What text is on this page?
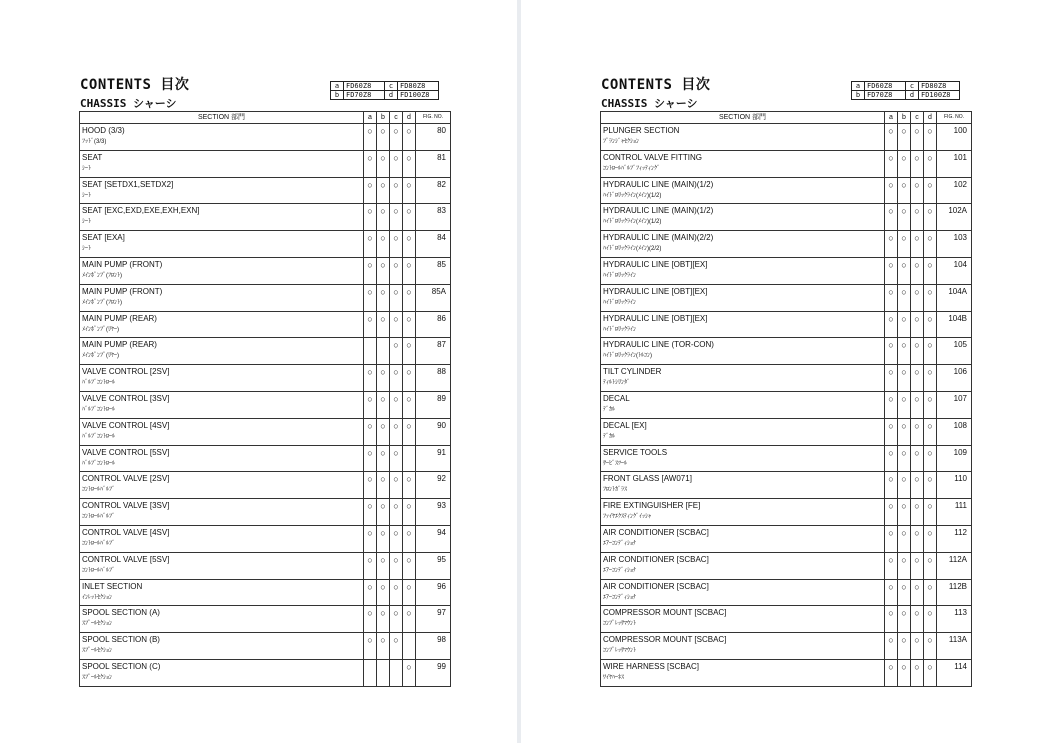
CONTENTS 目次
CHASSIS シャーシ
a	FD60Z8	c	FD80Z8
b	FD70Z8	d	FD100Z8
SECTION 部門	a	b	c	d	FIG. NO.

HOOD (3/3)
ﾌｯﾄﾞ(3/3)	○	○	○	○	80

SEAT
ｼｰﾄ	○	○	○	○	81

SEAT [SETDX1,SETDX2]
ｼｰﾄ	○	○	○	○	82

SEAT [EXC,EXD,EXE,EXH,EXN]
ｼｰﾄ	○	○	○	○	83

SEAT [EXA]
ｼｰﾄ	○	○	○	○	84

MAIN PUMP (FRONT)
ﾒｲﾝﾎﾟﾝﾌﾟ(ﾌﾛﾝﾄ)	○	○	○	○	85

MAIN PUMP (FRONT)
ﾒｲﾝﾎﾟﾝﾌﾟ(ﾌﾛﾝﾄ)	○	○	○	○	85A

MAIN PUMP (REAR)
ﾒｲﾝﾎﾟﾝﾌﾟ(ﾘﾔｰ)	○	○	○	○	86

MAIN PUMP (REAR)
ﾒｲﾝﾎﾟﾝﾌﾟ(ﾘﾔｰ)			○	○	87

VALVE CONTROL [2SV]
ﾊﾞﾙﾌﾞｺﾝﾄﾛｰﾙ	○	○	○	○	88

VALVE CONTROL [3SV]
ﾊﾞﾙﾌﾞｺﾝﾄﾛｰﾙ	○	○	○	○	89

VALVE CONTROL [4SV]
ﾊﾞﾙﾌﾞｺﾝﾄﾛｰﾙ	○	○	○	○	90

VALVE CONTROL [5SV]
ﾊﾞﾙﾌﾞｺﾝﾄﾛｰﾙ	○	○	○		91

CONTROL VALVE [2SV]
ｺﾝﾄﾛｰﾙﾊﾞﾙﾌﾞ	○	○	○	○	92

CONTROL VALVE [3SV]
ｺﾝﾄﾛｰﾙﾊﾞﾙﾌﾞ	○	○	○	○	93

CONTROL VALVE [4SV]
ｺﾝﾄﾛｰﾙﾊﾞﾙﾌﾞ	○	○	○	○	94

CONTROL VALVE [5SV]
ｺﾝﾄﾛｰﾙﾊﾞﾙﾌﾞ	○	○	○	○	95

INLET SECTION
ｲﾝﾚｯﾄｾｸｼｮﾝ	○	○	○	○	96

SPOOL SECTION (A)
ｽﾌﾟｰﾙｾｸｼｮﾝ	○	○	○	○	97

SPOOL SECTION (B)
ｽﾌﾟｰﾙｾｸｼｮﾝ	○	○	○		98

SPOOL SECTION (C)
ｽﾌﾟｰﾙｾｸｼｮﾝ				○	99
CONTENTS 目次
CHASSIS シャーシ
a	FD60Z8	c	FD80Z8
b	FD70Z8	d	FD100Z8
SECTION 部門	a	b	c	d	FIG. NO.

PLUNGER SECTION
ﾌﾟﾗﾝｼﾞｬｾｸｼｮﾝ	○	○	○	○	100

CONTROL VALVE FITTING
ｺﾝﾄﾛｰﾙﾊﾞﾙﾌﾞﾌｨｯﾃｨﾝｸﾞ	○	○	○	○	101

HYDRAULIC LINE (MAIN)(1/2)
ﾊｲﾄﾞﾛﾘｯｸﾗｲﾝ(ﾒｲﾝ)(1/2)	○	○	○	○	102

HYDRAULIC LINE (MAIN)(1/2)
ﾊｲﾄﾞﾛﾘｯｸﾗｲﾝ(ﾒｲﾝ)(1/2)	○	○	○	○	102A

HYDRAULIC LINE (MAIN)(2/2)
ﾊｲﾄﾞﾛﾘｯｸﾗｲﾝ(ﾒｲﾝ)(2/2)	○	○	○	○	103

HYDRAULIC LINE [OBT][EX]
ﾊｲﾄﾞﾛﾘｯｸﾗｲﾝ	○	○	○	○	104

HYDRAULIC LINE [OBT][EX]
ﾊｲﾄﾞﾛﾘｯｸﾗｲﾝ	○	○	○	○	104A

HYDRAULIC LINE [OBT][EX]
ﾊｲﾄﾞﾛﾘｯｸﾗｲﾝ	○	○	○	○	104B

HYDRAULIC LINE (TOR-CON)
ﾊｲﾄﾞﾛﾘｯｸﾗｲﾝ(ﾄﾙｺﾝ)	○	○	○	○	105

TILT CYLINDER
ﾃｨﾙﾄｼﾘﾝﾀﾞ	○	○	○	○	106

DECAL
ﾃﾞｶﾙ	○	○	○	○	107

DECAL [EX]
ﾃﾞｶﾙ	○	○	○	○	108

SERVICE TOOLS
ｻｰﾋﾞｽﾂｰﾙ	○	○	○	○	109

FRONT GLASS [AW071]
ﾌﾛﾝﾄｶﾞﾗｽ	○	○	○	○	110

FIRE EXTINGUISHER [FE]
ﾌｧｲﾔｴｸｽﾃｨﾝｸﾞｲｯｼｬ	○	○	○	○	111

AIR CONDITIONER [SCBAC]
ｴｱｰｺﾝﾃﾞｨｼｮﾅ	○	○	○	○	112

AIR CONDITIONER [SCBAC]
ｴｱｰｺﾝﾃﾞｨｼｮﾅ	○	○	○	○	112A

AIR CONDITIONER [SCBAC]
ｴｱｰｺﾝﾃﾞｨｼｮﾅ	○	○	○	○	112B

COMPRESSOR MOUNT [SCBAC]
ｺﾝﾌﾟﾚｯｻﾏｳﾝﾄ	○	○	○	○	113

COMPRESSOR MOUNT [SCBAC]
ｺﾝﾌﾟﾚｯｻﾏｳﾝﾄ	○	○	○	○	113A

WIRE HARNESS [SCBAC]
ﾜｲﾔﾊｰﾈｽ	○	○	○	○	114
